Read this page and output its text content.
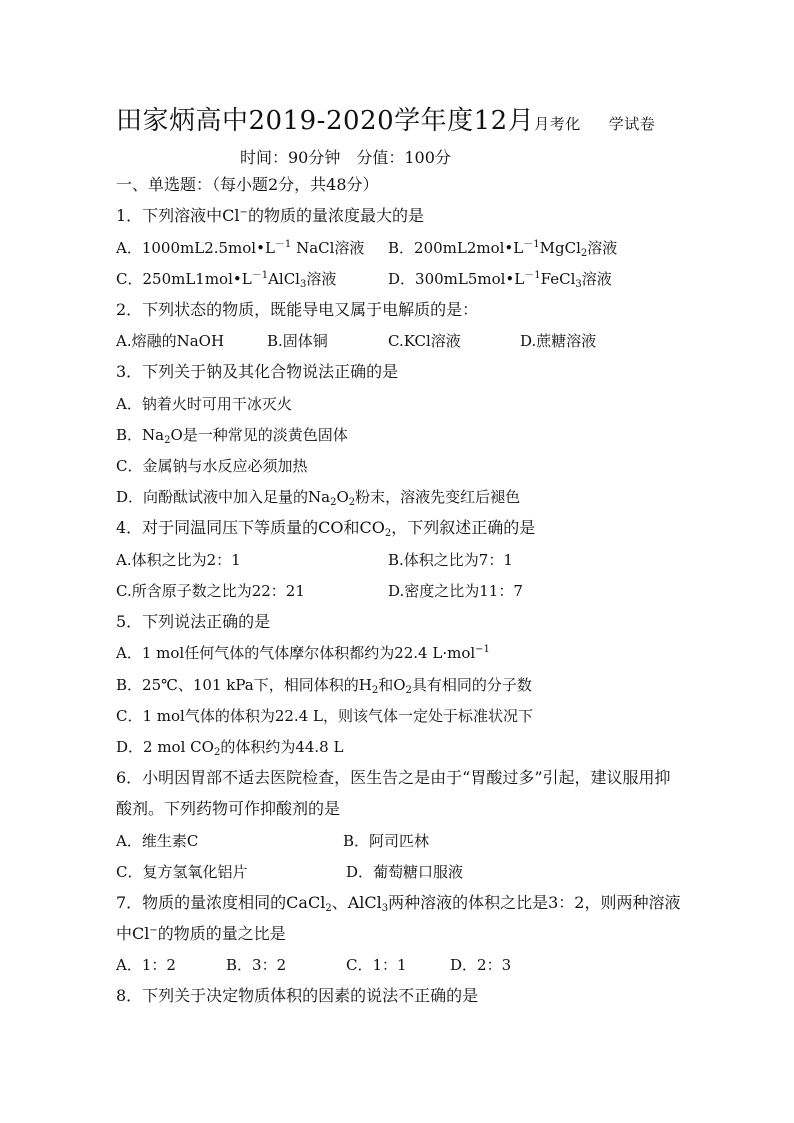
田家炳高中2019-2020学年度12月月考化 学试卷
时间：90分钟 分值：100分
一、单选题：（每小题2分，共48分）
1．下列溶液中Cl−的物质的量浓度最大的是
A．$1000mL2.5mol•L^{-1}$ NaCl溶液 B．$200mL2mol•L^{-1}MgCl_2$溶液
C．$250mL1mol•L^{-1}AlCl_3$溶液	D．$300mL5mol•L^{-1}FeCl_3$溶液
2．下列状态的物质，既能导电又属于电解质的是：
A.熔融的NaOH	B.固体铜	C.KCl溶液	D.蔗糖溶液
3．下列关于钠及其化合物说法正确的是
A．钠着火时可用干冰灭火
B．$Na_2O$是一种常见的淡黄色固体
C．金属钠与水反应必须加热
D．向酚酞试液中加入足量的$Na_2O_2$粉末，溶液先变红后褪色
4．对于同温同压下等质量的CO和$CO_2$，下列叙述正确的是
A.体积之比为2：1	B.体积之比为7：1
C.所含原子数之比为22：21	D.密度之比为11：7
5．下列说法正确的是
A．1 mol任何气体的气体摩尔体积都约为22.4 L·mol$^{-1}$
B．25℃、101 kPa下，相同体积的$H_2$和$O_2$具有相同的分子数
C．1 mol气体的体积为22.4 L，则该气体一定处于标准状况下
D．2 mol $CO_2$的体积约为44.8 L
6．小明因胃部不适去医院检查，医生告之是由于“胃酸过多”引起，建议服用抑
酸剂。下列药物可作抑酸剂的是
A．维生素C	B．阿司匹林
C．复方氢氧化铝片	D．葡萄糖口服液
7．物质的量浓度相同的CaCl$_2$、AlCl$_3$两种溶液的体积之比是3：2，则两种溶液
中Cl−的物质的量之比是
A．1：2	B．3：2	C．1：1	D．2：3
8．下列关于决定物质体积的因素的说法不正确的是
